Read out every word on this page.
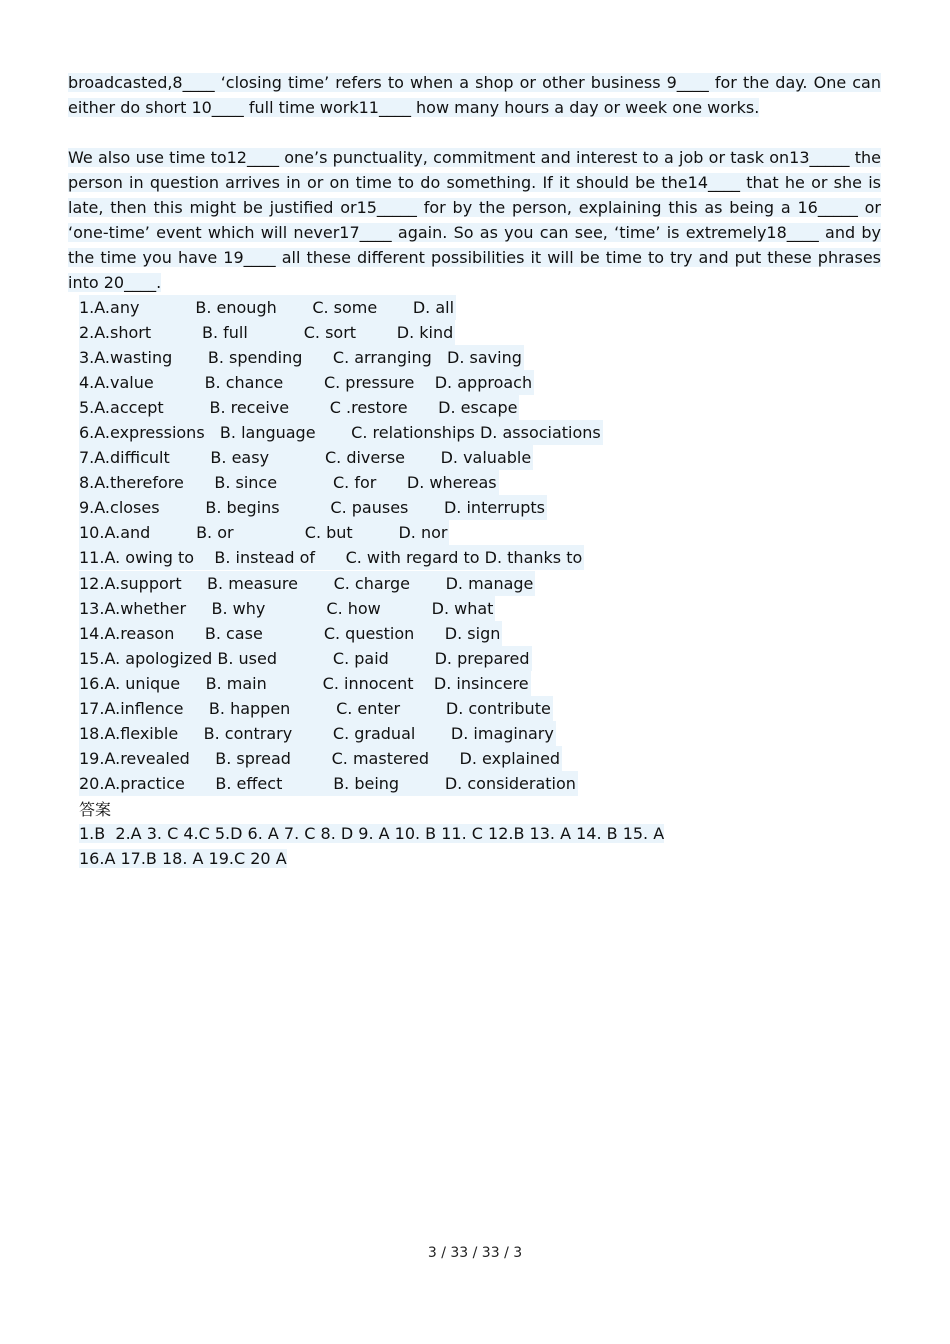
broadcasted,8____ ‘closing time’ refers to when a shop or other business 9____ for the day. One can either do short 10____ full time work11____ how many hours a day or week one works.

We also use time to12____ one’s punctuality, commitment and interest to a job or task on13_____ the person in question arrives in or on time to do something. If it should be the14____ that he or she is late, then this might be justified or15_____ for by the person, explaining this as being a 16_____ or ‘one-time’ event which will never17____ again. So as you can see, ‘time’ is extremely18____ and by the time you have 19____ all these different possibilities it will be time to try and put these phrases into 20____.

1.A.any           B. enough       C. some       D. all
2.A.short          B. full           C. sort        D. kind
3.A.wasting       B. spending      C. arranging   D. saving
4.A.value          B. chance        C. pressure    D. approach
5.A.accept         B. receive        C .restore      D. escape
6.A.expressions   B. language       C. relationships D. associations
7.A.difficult        B. easy           C. diverse       D. valuable
8.A.therefore      B. since           C. for      D. whereas
9.A.closes         B. begins          C. pauses       D. interrupts
10.A.and         B. or              C. but         D. nor
11.A. owing to    B. instead of      C. with regard to D. thanks to
12.A.support     B. measure       C. charge       D. manage
13.A.whether     B. why            C. how          D. what
14.A.reason      B. case            C. question      D. sign
15.A. apologized B. used           C. paid         D. prepared
16.A. unique     B. main           C. innocent    D. insincere
17.A.inflence     B. happen         C. enter         D. contribute
18.A.flexible     B. contrary        C. gradual       D. imaginary
19.A.revealed     B. spread        C. mastered      D. explained
20.A.practice      B. effect          B. being         D. consideration
答案
1.B  2.A 3. C 4.C 5.D 6. A 7. C 8. D 9. A 10. B 11. C 12.B 13. A 14. B 15. A
16.A 17.B 18. A 19.C 20 A
3 / 33 / 33 / 3
